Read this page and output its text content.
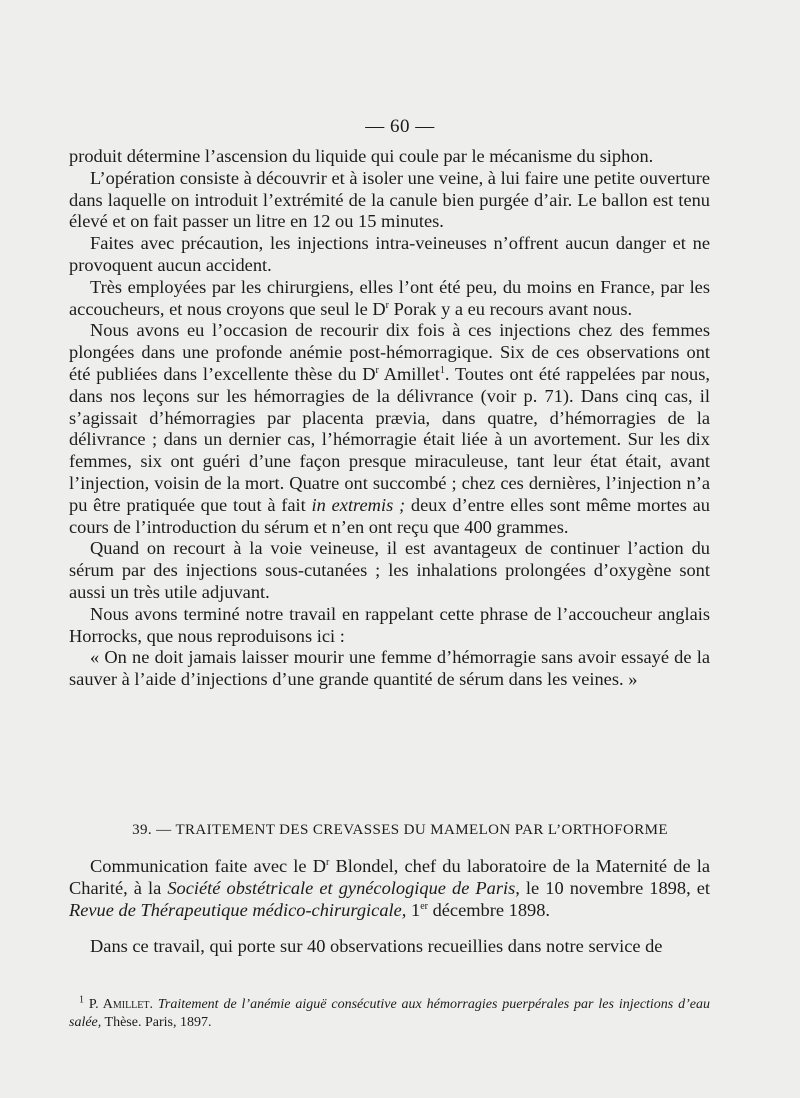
— 60 —

produit détermine l’ascension du liquide qui coule par le mécanisme du siphon.

L’opération consiste à découvrir et à isoler une veine, à lui faire une petite ouverture dans laquelle on introduit l’extrémité de la canule bien purgée d’air. Le ballon est tenu élevé et on fait passer un litre en 12 ou 15 minutes.

Faites avec précaution, les injections intra-veineuses n’offrent aucun danger et ne provoquent aucun accident.

Très employées par les chirurgiens, elles l’ont été peu, du moins en France, par les accoucheurs, et nous croyons que seul le $D^r$ Porak y a eu recours avant nous.

Nous avons eu l’occasion de recourir dix fois à ces injections chez des femmes plongées dans une profonde anémie post-hémorragique. Six de ces observations ont été publiées dans l’excellente thèse du $D^r$ Amillet$^1$. Toutes ont été rappelées par nous, dans nos leçons sur les hémorragies de la délivrance (voir p. 71). Dans cinq cas, il s’agissait d’hémorragies par placenta prævia, dans quatre, d’hémorragies de la délivrance ; dans un dernier cas, l’hémorragie était liée à un avortement. Sur les dix femmes, six ont guéri d’une façon presque miraculeuse, tant leur état était, avant l’injection, voisin de la mort. Quatre ont succombé ; chez ces dernières, l’injection n’a pu être pratiquée que tout à fait in extremis ; deux d’entre elles sont même mortes au cours de l’introduction du sérum et n’en ont reçu que 400 grammes.

Quand on recourt à la voie veineuse, il est avantageux de continuer l’action du sérum par des injections sous-cutanées ; les inhalations prolongées d’oxygène sont aussi un très utile adjuvant.

Nous avons terminé notre travail en rappelant cette phrase de l’accoucheur anglais Horrocks, que nous reproduisons ici :

« On ne doit jamais laisser mourir une femme d’hémorragie sans avoir essayé de la sauver à l’aide d’injections d’une grande quantité de sérum dans les veines. »

39. — TRAITEMENT DES CREVASSES DU MAMELON PAR L’ORTHOFORME

Communication faite avec le $D^r$ Blondel, chef du laboratoire de la Maternité de la Charité, à la Société obstétricale et gynécologique de Paris, le 10 novembre 1898, et Revue de Thérapeutique médico-chirurgicale, 1er décembre 1898.

Dans ce travail, qui porte sur 40 observations recueillies dans notre service de

$^1$ P. Amillet. Traitement de l’anémie aiguë consécutive aux hémorragies puerpérales par les injections d’eau salée, Thèse. Paris, 1897.
